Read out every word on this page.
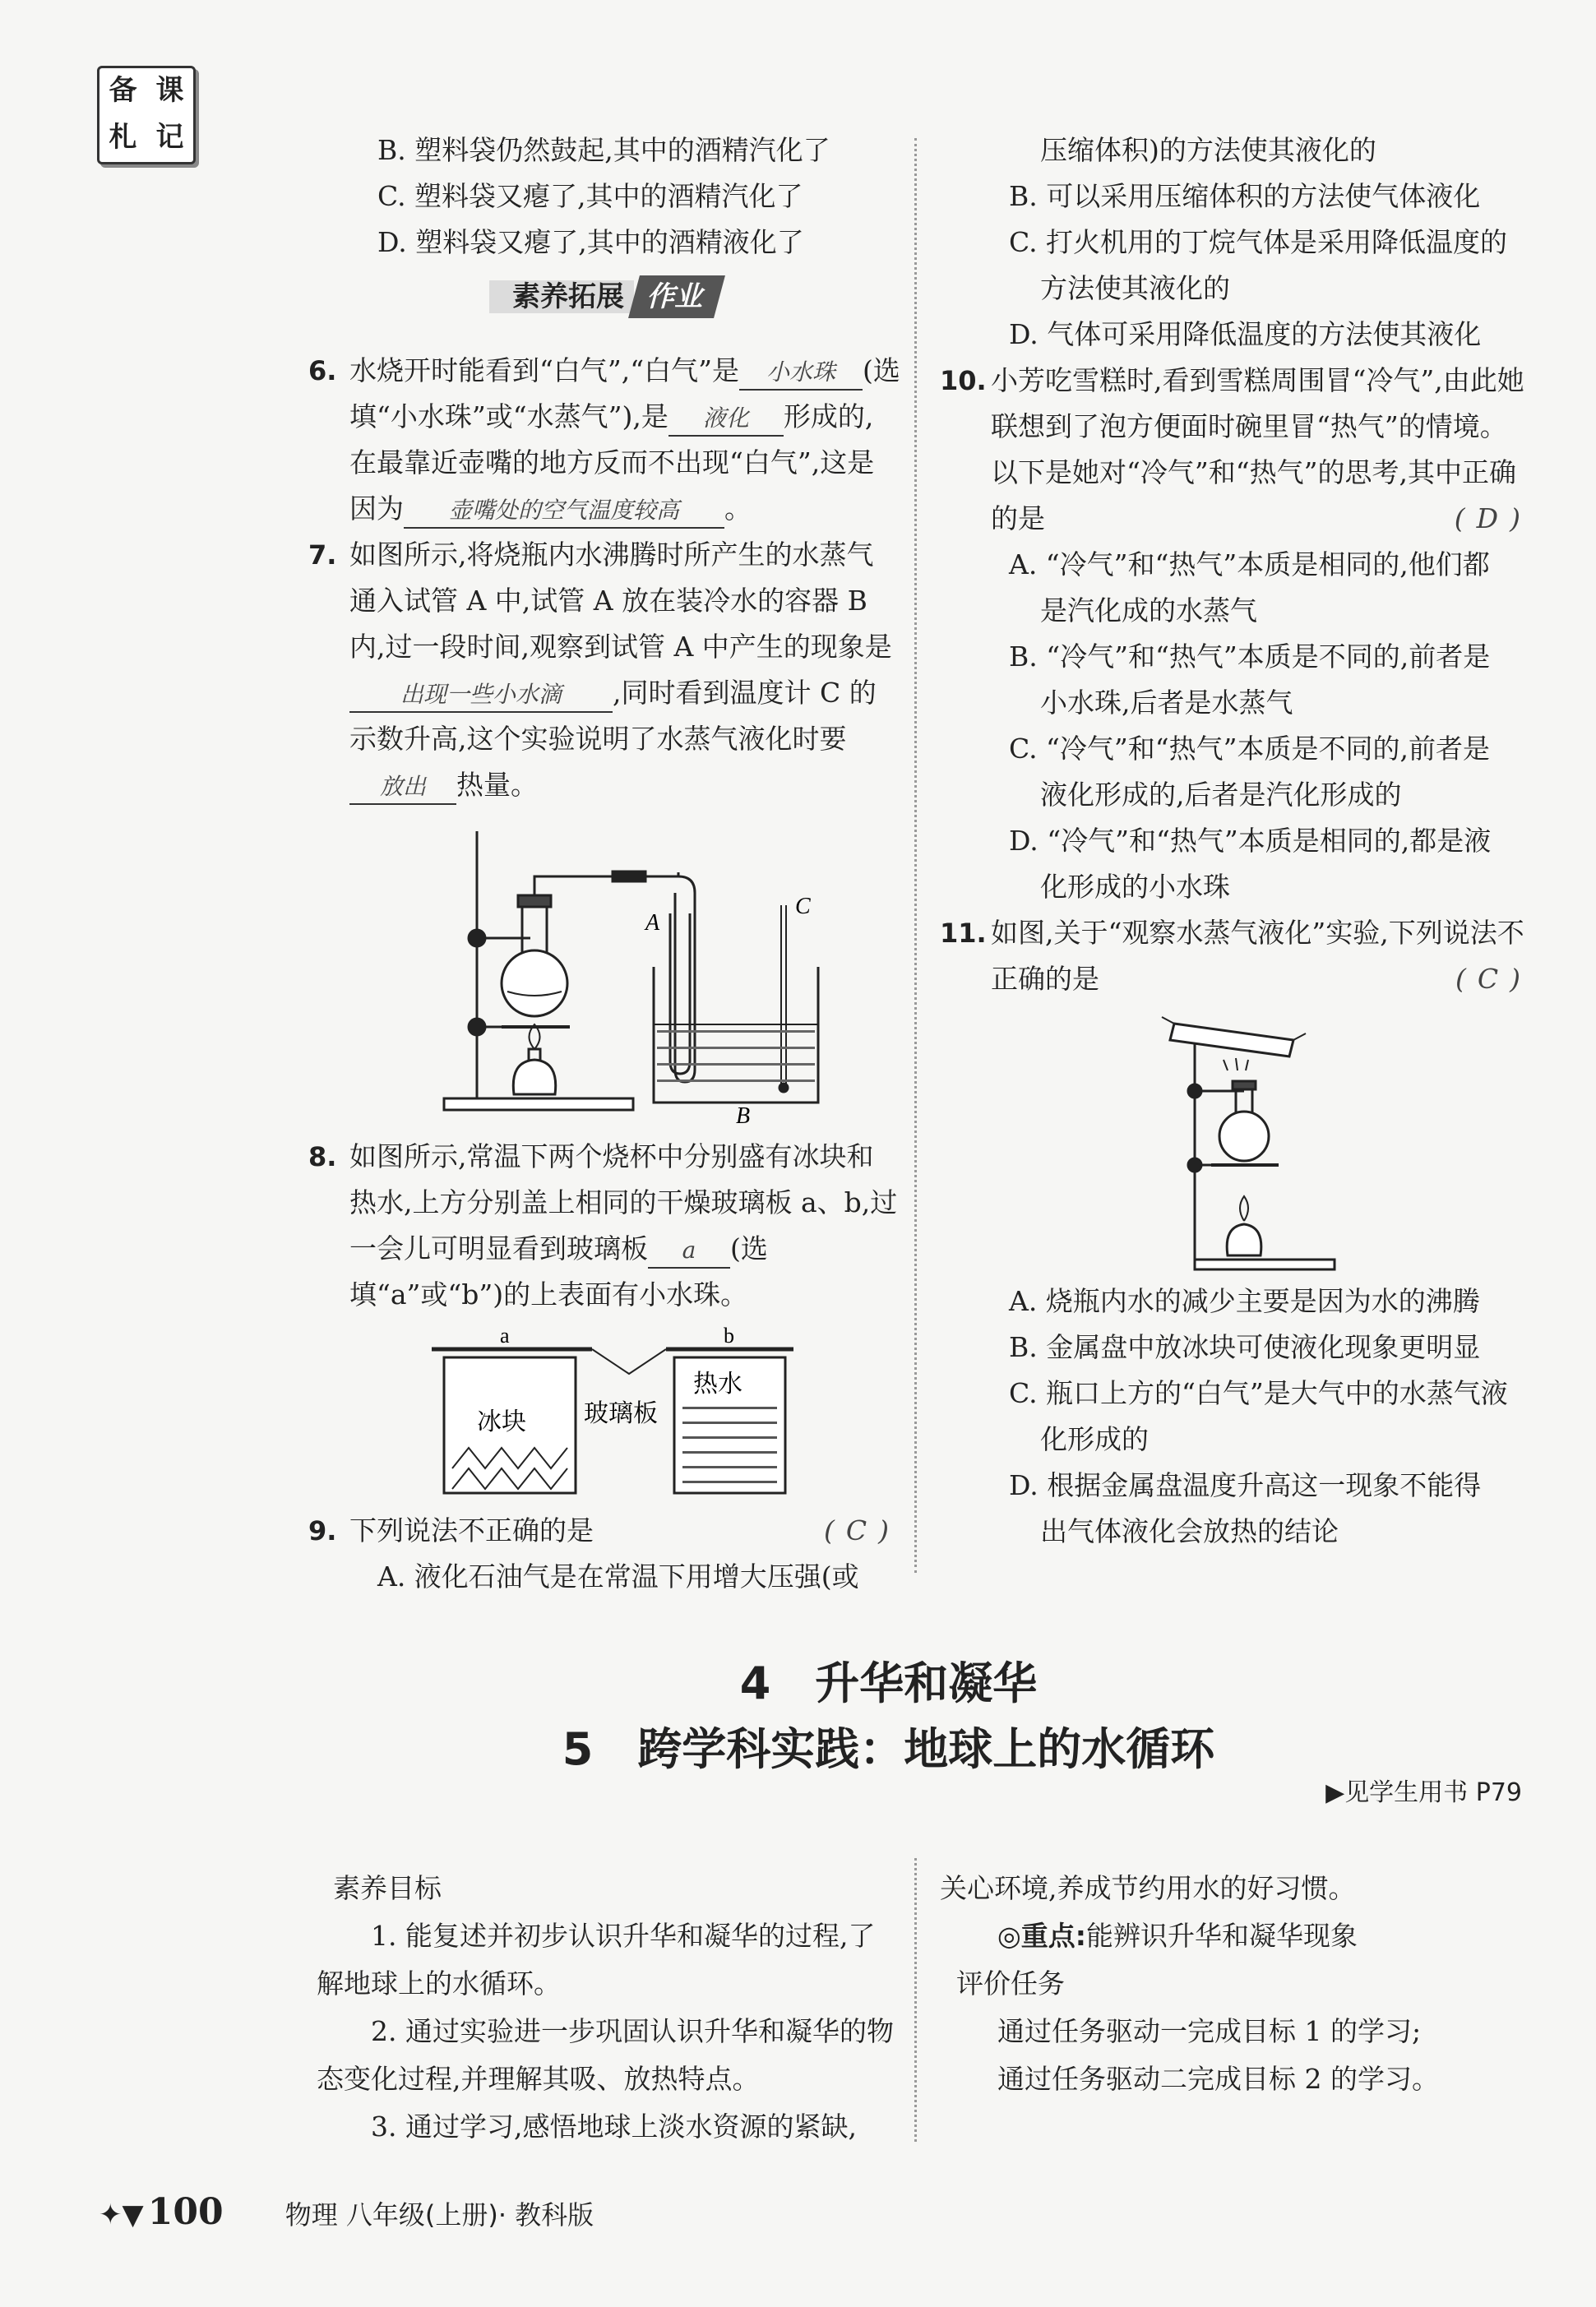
备 课
札 记	B. 塑料袋仍然鼓起,其中的酒精汽化了

C. 塑料袋又瘪了,其中的酒精汽化了

D. 塑料袋又瘪了,其中的酒精液化了

素养拓展 作业
6. 水烧开时能看到“白气”,“白气”是 小水珠 (选填“小水珠”或“水蒸气”),是 液化 形成的,在最靠近壶嘴的地方反而不出现“白气”,这是因为 壶嘴处的空气温度较高 。
7. 如图所示,将烧瓶内水沸腾时所产生的水蒸气通入试管 A 中,试管 A 放在装冷水的容器 B 内,过一段时间,观察到试管 A 中产生的现象是出现一些小水滴 ,同时看到温度计 C 的示数升高,这个实验说明了水蒸气液化时要放出 热量。
A
B
C
8. 如图所示,常温下两个烧杯中分别盛有冰块和热水,上方分别盖上相同的干燥玻璃板 a、b,过一会儿可明显看到玻璃板 a (选填“a”或“b”)的上表面有小水珠。
a	b
冰块 玻璃板
热水
9. 下列说法不正确的是	(C)

A. 液化石油气是在常温下用增大压强(或

压缩体积)的方法使其液化的

B. 可以采用压缩体积的方法使气体液化

C. 打火机用的丁烷气体是采用降低温度的

方法使其液化的

D. 气体可采用降低温度的方法使其液化

10. 小芳吃雪糕时,看到雪糕周围冒“冷气”,由此她联想到了泡方便面时碗里冒“热气”的情境。以下是她对“冷气”和“热气”的思考,其中正确的是	(D)

A. “冷气”和“热气”本质是相同的,他们都

是汽化成的水蒸气

B. “冷气”和“热气”本质是不同的,前者是

小水珠,后者是水蒸气

C. “冷气”和“热气”本质是不同的,前者是

液化形成的,后者是汽化形成的

D. “冷气”和“热气”本质是相同的,都是液

化形成的小水珠

11. 如图,关于“观察水蒸气液化”实验,下列说法不正确的是	(C)

A. 烧瓶内水的减少主要是因为水的沸腾

B. 金属盘中放冰块可使液化现象更明显

C. 瓶口上方的“白气”是大气中的水蒸气液

化形成的

D. 根据金属盘温度升高这一现象不能得

出气体液化会放热的结论

4　升华和凝华
5　跨学科实践：地球上的水循环
▶见学生用书 P79

素养目标

1. 能复述并初步认识升华和凝华的过程,了解地球上的水循环。

2. 通过实验进一步巩固认识升华和凝华的物态变化过程,并理解其吸、放热特点。

3. 通过学习,感悟地球上淡水资源的紧缺,

关心环境,养成节约用水的好习惯。

◎重点:能辨识升华和凝华现象

评价任务

通过任务驱动一完成目标 1 的学习;

通过任务驱动二完成目标 2 的学习。

✦▼ 100 物理 八年级(上册)· 教科版
